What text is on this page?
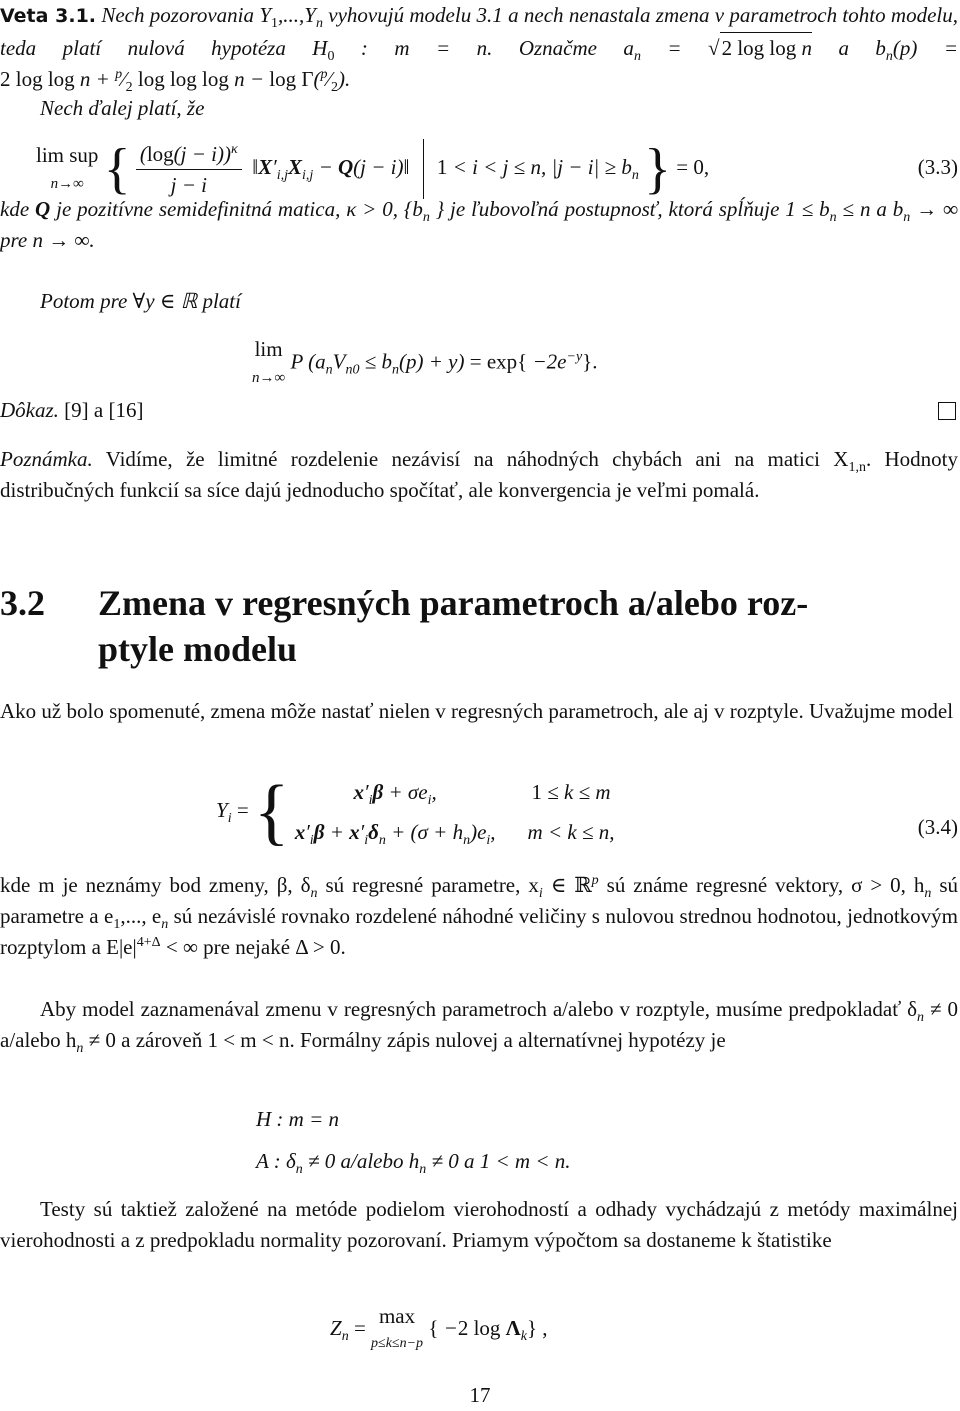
Veta 3.1. Nech pozorovania $Y_1,...,Y_n$ vyhovujú modelu 3.1 a nech nenastala zmena v parametroch tohto modelu, teda platí nulová hypotéza $H_0$ : m = n. Označme $a_n = √2$ log log n a $b_n(p) = 2$ $\log \log n + ^p⁄_2$ $\log \log \log n - \log \Gamma(^p⁄_2)$.
Nech ďalej platí, že
lim sup
n→∞ { $\frac{(\log(j - i))^\kappa}{j - i}$ $‖X'_{i,j}X_{i,j} - Q(j$ − i)‖  1 < i < j ≤ n, $|j - i| \ge b_n$ } = 0,	(3.3)
kde Q je pozitívne semidefinitná matica, κ > 0, {$b_n$ } je ľubovoľná postupnosť, ktorá spĺňuje $1 \le b_n \le n$ a $b_n$ → ∞ pre n → ∞.
Potom pre ∀y ∈ ℝ platí
lim
n→∞ P $(a_nV_{n0} \le b_n(p) + y) = \exp\{ -2e^{-y}\}$.
Dôkaz. [9] a [16]
Poznámka. Vidíme, že limitné rozdelenie nezávisí na náhodných chybách ani na matici $X_{1,n}$. Hodnoty distribučných funkcií sa síce dajú jednoducho spočítať, ale konvergencia je veľmi pomalá.
3.2 Zmena v regresných parametroch a/alebo roz-
ptyle modelu
Ako už bolo spomenuté, zmena môže nastať nielen v regresných parametroch, ale aj v rozptyle. Uvažujme model
$Y_i$ = {	$x'_i\beta + \sigma e_i$,	1 ≤ k ≤ m
$x'_i\beta + x'_i\delta_n + (\sigma + h_n)e_i$,	m < k ≤ n,	(3.4)
kde m je neznámy bod zmeny, β, $\delta_n$ sú regresné parametre, $x_i$ ∈ ℝ$^p$ sú známe regresné vektory, σ > 0, $h_n$ sú parametre a $e_1$,..., $e_n$ sú nezávislé rovnako rozdelené náhodné veličiny s nulovou strednou hodnotou, jednotkovým rozptylom a $E|e|^{4+\Delta}$ < ∞ pre nejaké Δ > 0.
Aby model zaznamenával zmenu v regresných parametroch a/alebo v rozptyle, musíme predpokladať $\delta_n \ne 0$ a/alebo $h_n \ne 0$ a zároveň 1 < m < n. Formálny zápis nulovej a alternatívnej hypotézy je
H : m = n
A : $\delta_n \ne 0$ a/alebo $h_n \ne 0$ a 1 < m < n.
Testy sú taktiež založené na metóde podielom vierohodností a odhady vychádzajú z metódy maximálnej vierohodnosti a z predpokladu normality pozorovaní. Priamym výpočtom sa dostaneme k štatistike
$Z_n = \max$
p≤k≤n−p { −2 $\log \Lambda_k$} ,
17
